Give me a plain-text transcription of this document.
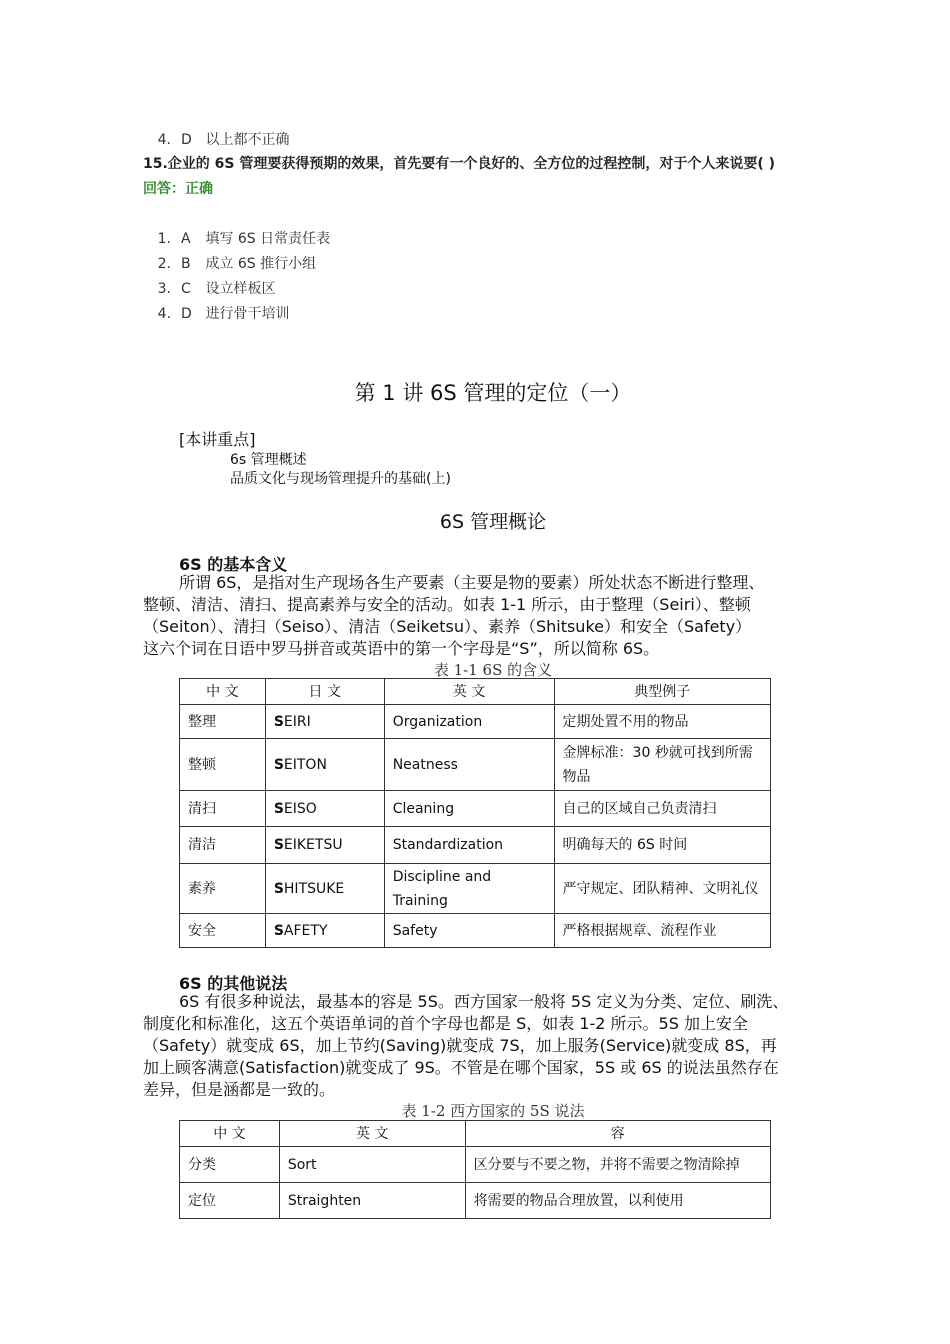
4. D 以上都不正确
15.企业的 6S 管理要获得预期的效果，首先要有一个良好的、全方位的过程控制，对于个人来说要( )
回答：正确
1. A 填写 6S 日常责任表
2. B 成立 6S 推行小组
3. C 设立样板区
4. D 进行骨干培训
第 1 讲 6S 管理的定位（一）
[本讲重点]
6s 管理概述
品质文化与现场管理提升的基础(上)
6S 管理概论
6S 的基本含义

所谓 6S，是指对生产现场各生产要素（主要是物的要素）所处状态不断进行整理、

整顿、清洁、清扫、提高素养与安全的活动。如表 1-1 所示，由于整理（Seiri）、整顿

（Seiton）、清扫（Seiso）、清洁（Seiketsu）、素养（Shitsuke）和安全（Safety）

这六个词在日语中罗马拼音或英语中的第一个字母是“S”，所以简称 6S。

表 1-1 6S 的含义
中 文	日 文	英 文	典型例子
整理	SEIRI	Organization	定期处置不用的物品
整顿	SEITON	Neatness	金牌标准：30 秒就可找到所需物品
清扫	SEISO	Cleaning	自己的区域自己负责清扫
清洁	SEIKETSU	Standardization	明确每天的 6S 时间
素养	SHITSUKE	Discipline and Training	严守规定、团队精神、文明礼仪
安全	SAFETY	Safety	严格根据规章、流程作业
6S 的其他说法

6S 有很多种说法，最基本的容是 5S。西方国家一般将 5S 定义为分类、定位、刷洗、

制度化和标准化，这五个英语单词的首个字母也都是 S，如表 1-2 所示。5S 加上安全

（Safety）就变成 6S，加上节约(Saving)就变成 7S，加上服务(Service)就变成 8S，再

加上顾客满意(Satisfaction)就变成了 9S。不管是在哪个国家，5S 或 6S 的说法虽然存在

差异，但是涵都是一致的。

表 1-2 西方国家的 5S 说法
中 文	英 文	容
分类	Sort	区分要与不要之物，并将不需要之物清除掉
定位	Straighten	将需要的物品合理放置，以利使用
